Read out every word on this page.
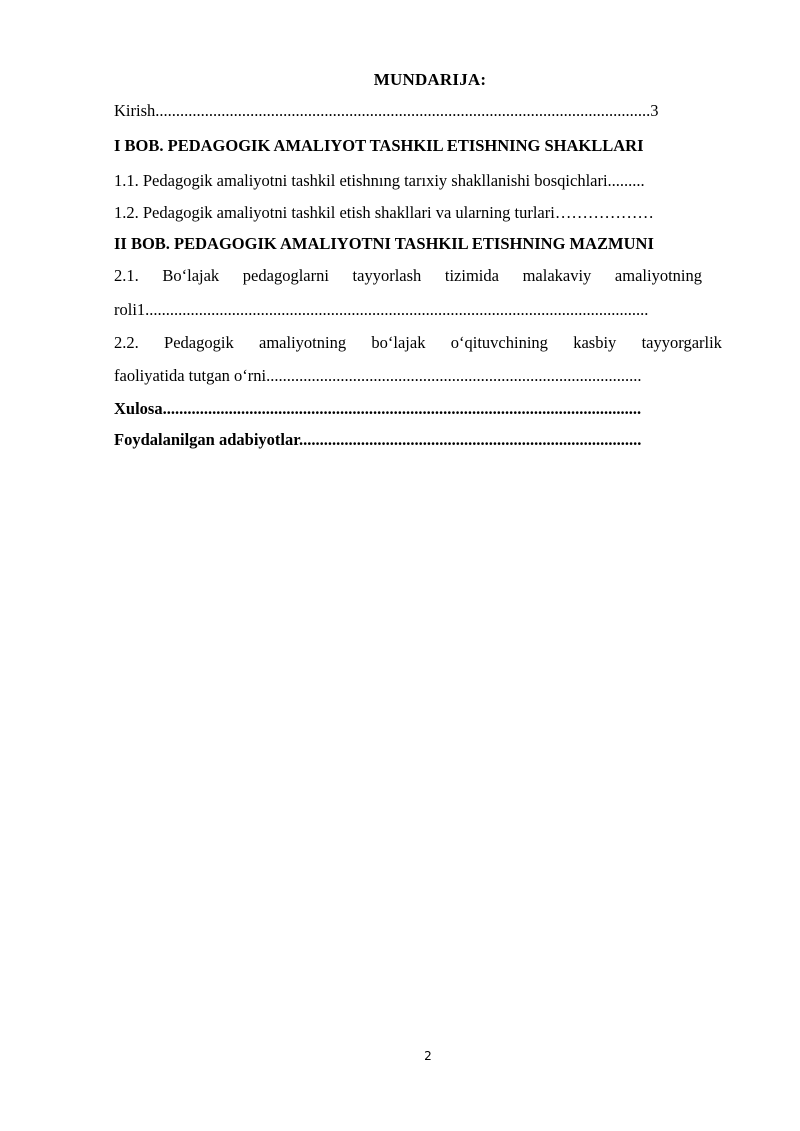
MUNDARIJA:
Kirish........................................................................................................................3
I BOB. PEDAGOGIK AMALIYOT TASHKIL ETISHNING SHAKLLARI
1.1. Pedagogik amaliyotni tashkil etishnıng tarıxiy shakllanishi bosqichlari.........
1.2. Pedagogik amaliyotni tashkil etish shakllari va ularning turlari………………
II BOB. PEDAGOGIK AMALIYOTNI TASHKIL ETISHNING MAZMUNI
2.1. Bo‘lajak pedagoglarni tayyorlash tizimida malakaviy amaliyotning
roli1..........................................................................................................................
2.2. Pedagogik amaliyotning bo‘lajak o‘qituvchining kasbiy tayyorgarlik
faoliyatida tutgan o‘rni...........................................................................................
Xulosa....................................................................................................................
Foydalanilgan adabiyotlar...................................................................................
2
